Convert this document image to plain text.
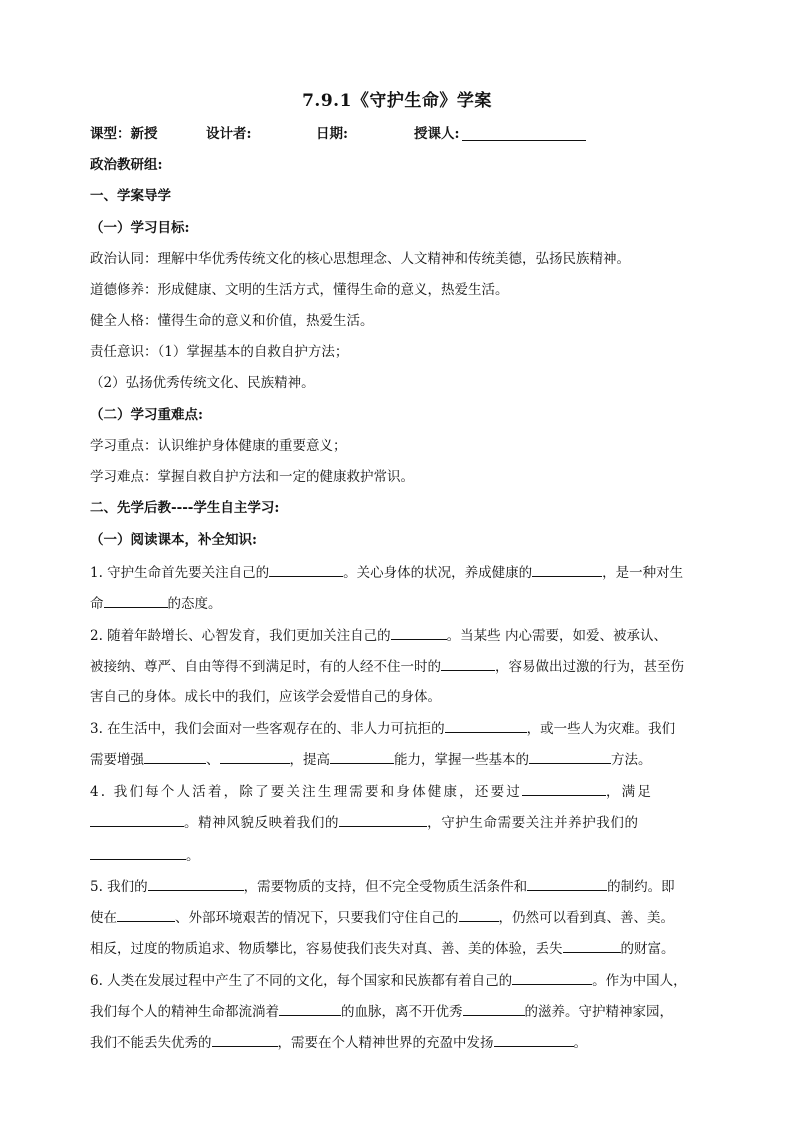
7.9.1《守护生命》学案
课型：新授	设计者:	日期:	授课人:
政治教研组:
一、学案导学
（一）学习目标:
政治认同：理解中华优秀传统文化的核心思想理念、人文精神和传统美德，弘扬民族精神。
道德修养：形成健康、文明的生活方式，懂得生命的意义，热爱生活。
健全人格：懂得生命的意义和价值，热爱生活。
责任意识：（1）掌握基本的自救自护方法；
（2）弘扬优秀传统文化、民族精神。
（二）学习重难点:
学习重点：认识维护身体健康的重要意义；
学习难点：掌握自救自护方法和一定的健康救护常识。
二、先学后教----学生自主学习:
（一）阅读课本，补全知识:
1. 守护生命首先要关注自己的	。关心身体的状况，养成健康的	，是一种对生
命	的态度。
2. 随着年龄增长、心智发育，我们更加关注自己的	。当某些 内心需要，如爱、被承认、
被接纳、尊严、自由等得不到满足时，有的人经不住一时的	，容易做出过激的行为，甚至伤
害自己的身体。成长中的我们，应该学会爱惜自己的身体。
3. 在生活中，我们会面对一些客观存在的、非人力可抗拒的	，或一些人为灾难。我们
需要增强	、	，提高	能力，掌握一些基本的	方法。
4. 我们每个人活着，除了要关注生理需要和身体健康，还要过	，满足
。精神风貌反映着我们的	，守护生命需要关注并养护我们的
。
5. 我们的	，需要物质的支持，但不完全受物质生活条件和	的制约。即
使在	、外部环境艰苦的情况下，只要我们守住自己的	，仍然可以看到真、善、美。
相反，过度的物质追求、物质攀比，容易使我们丧失对真、善、美的体验，丢失	的财富。
6. 人类在发展过程中产生了不同的文化，每个国家和民族都有着自己的	。作为中国人，
我们每个人的精神生命都流淌着	的血脉，离不开优秀	的滋养。守护精神家园，
我们不能丢失优秀的	，需要在个人精神世界的充盈中发扬	。
